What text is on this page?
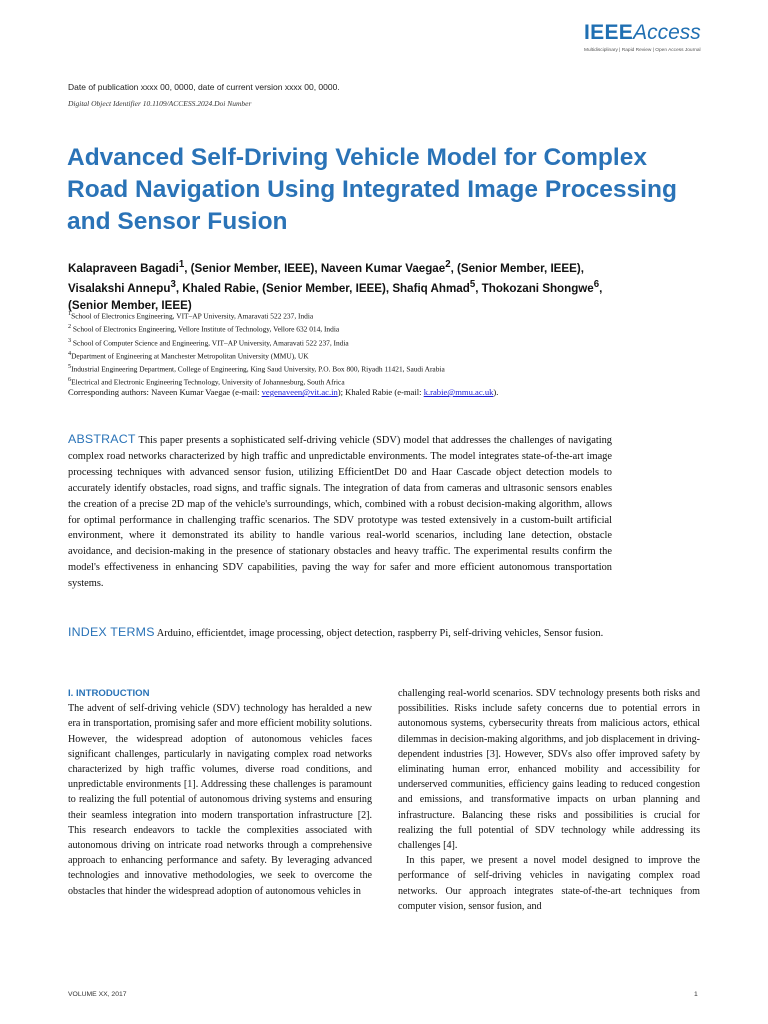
IEEEAccess
Multidisciplinary | Rapid Review | Open Access Journal
Date of publication xxxx 00, 0000, date of current version xxxx 00, 0000.
Digital Object Identifier 10.1109/ACCESS.2024.Doi Number
Advanced Self-Driving Vehicle Model for Complex Road Navigation Using Integrated Image Processing and Sensor Fusion
Kalapraveen Bagadi$^1$, (Senior Member, IEEE), Naveen Kumar Vaegae$^2$, (Senior Member, IEEE), Visalakshi Annepu$^3$, Khaled Rabie, (Senior Member, IEEE), Shafiq Ahmad$^5$, Thokozani Shongwe$^6$, (Senior Member, IEEE)
$^1$School of Electronics Engineering, VIT–AP University, Amaravati 522 237, India
$^2$ School of Electronics Engineering, Vellore Institute of Technology, Vellore 632 014, India
$^3$ School of Computer Science and Engineering, VIT–AP University, Amaravati 522 237, India
$^4$Department of Engineering at Manchester Metropolitan University (MMU), UK
$^5$Industrial Engineering Department, College of Engineering, King Saud University, P.O. Box 800, Riyadh 11421, Saudi Arabia
$^6$Electrical and Electronic Engineering Technology, University of Johannesburg, South Africa
Corresponding authors: Naveen Kumar Vaegae (e-mail: vegenaveen@vit.ac.in); Khaled Rabie (e-mail: k.rabie@mmu.ac.uk).

ABSTRACT This paper presents a sophisticated self-driving vehicle (SDV) model that addresses the challenges of navigating complex road networks characterized by high traffic and unpredictable environments. The model integrates state-of-the-art image processing techniques with advanced sensor fusion, utilizing EfficientDet D0 and Haar Cascade object detection models to accurately identify obstacles, road signs, and traffic signals. The integration of data from cameras and ultrasonic sensors enables the creation of a precise 2D map of the vehicle's surroundings, which, combined with a robust decision-making algorithm, allows for optimal performance in challenging traffic scenarios. The SDV prototype was tested extensively in a custom-built artificial environment, where it demonstrated its ability to handle various real-world scenarios, including lane detection, obstacle avoidance, and decision-making in the presence of stationary obstacles and heavy traffic. The experimental results confirm the model's effectiveness in enhancing SDV capabilities, paving the way for safer and more efficient autonomous transportation systems.

INDEX TERMS Arduino, efficientdet, image processing, object detection, raspberry Pi, self-driving vehicles, Sensor fusion.

I. INTRODUCTION

The advent of self-driving vehicle (SDV) technology has heralded a new era in transportation, promising safer and more efficient mobility solutions. However, the widespread adoption of autonomous vehicles faces significant challenges, particularly in navigating complex road networks characterized by high traffic volumes, diverse road conditions, and unpredictable environments [1]. Addressing these challenges is paramount to realizing the full potential of autonomous driving systems and ensuring their seamless integration into modern transportation infrastructure [2]. This research endeavors to tackle the complexities associated with autonomous driving on intricate road networks through a comprehensive approach to enhancing performance and safety. By leveraging advanced technologies and innovative methodologies, we seek to overcome the obstacles that hinder the widespread adoption of autonomous vehicles in

challenging real-world scenarios. SDV technology presents both risks and possibilities. Risks include safety concerns due to potential errors in autonomous systems, cybersecurity threats from malicious actors, ethical dilemmas in decision-making algorithms, and job displacement in driving-dependent industries [3]. However, SDVs also offer improved safety by eliminating human error, enhanced mobility and accessibility for underserved communities, efficiency gains leading to reduced congestion and emissions, and transformative impacts on urban planning and infrastructure. Balancing these risks and possibilities is crucial for realizing the full potential of SDV technology while addressing its challenges [4].

In this paper, we present a novel model designed to improve the performance of self-driving vehicles in navigating complex road networks. Our approach integrates state-of-the-art techniques from computer vision, sensor fusion, and

VOLUME XX, 2017	1
